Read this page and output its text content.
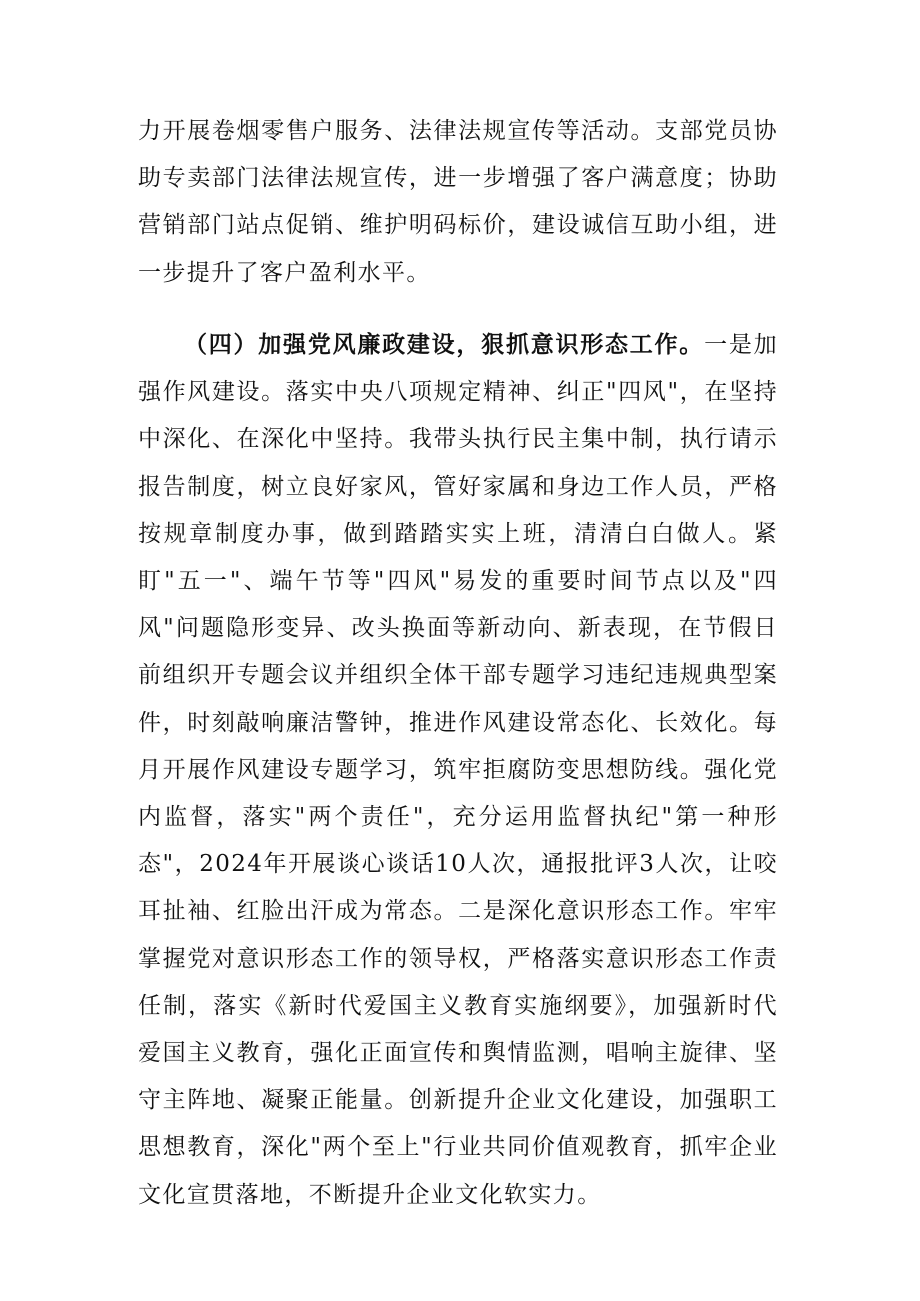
力开展卷烟零售户服务、法律法规宣传等活动。支部党员协助专卖部门法律法规宣传，进一步增强了客户满意度；协助营销部门站点促销、维护明码标价，建设诚信互助小组，进一步提升了客户盈利水平。

（四）加强党风廉政建设，狠抓意识形态工作。一是加强作风建设。落实中央八项规定精神、纠正"四风"，在坚持中深化、在深化中坚持。我带头执行民主集中制，执行请示报告制度，树立良好家风，管好家属和身边工作人员，严格按规章制度办事，做到踏踏实实上班，清清白白做人。紧盯"五一"、端午节等"四风"易发的重要时间节点以及"四风"问题隐形变异、改头换面等新动向、新表现，在节假日前组织开专题会议并组织全体干部专题学习违纪违规典型案件，时刻敲响廉洁警钟，推进作风建设常态化、长效化。每月开展作风建设专题学习，筑牢拒腐防变思想防线。强化党内监督，落实"两个责任"，充分运用监督执纪"第一种形态"，2024年开展谈心谈话10人次，通报批评3人次，让咬耳扯袖、红脸出汗成为常态。二是深化意识形态工作。牢牢掌握党对意识形态工作的领导权，严格落实意识形态工作责任制，落实《新时代爱国主义教育实施纲要》，加强新时代爱国主义教育，强化正面宣传和舆情监测，唱响主旋律、坚守主阵地、凝聚正能量。创新提升企业文化建设，加强职工思想教育，深化"两个至上"行业共同价值观教育，抓牢企业文化宣贯落地，不断提升企业文化软实力。
